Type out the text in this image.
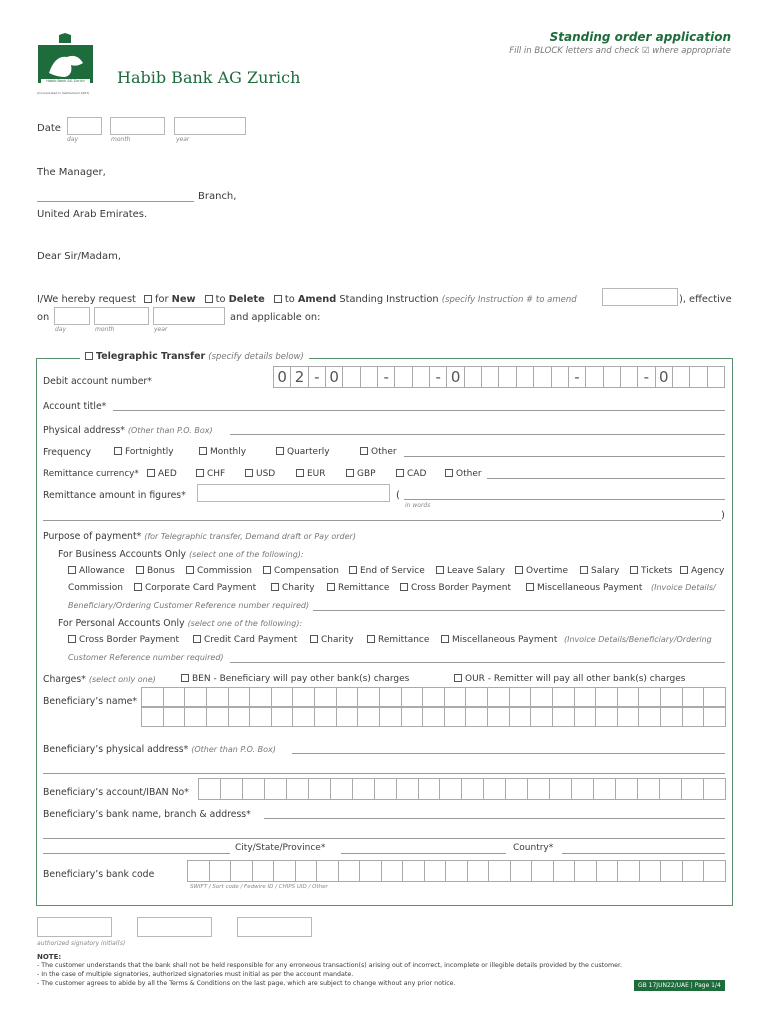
Habib Bank AG Zurich
(Incorporated in Switzerland 1967)
Habib Bank AG Zurich
Standing order application
Fill in BLOCK letters and check ☑ where appropriate
Date
day	month	year
The Manager,
Branch,
United Arab Emirates.
Dear Sir/Madam,
I/We hereby request for New to Delete to Amend Standing Instruction (specify Instruction # to amend	), effective
on	and applicable on:
day	month	year
Telegraphic Transfer (specify details below)
Debit account number*	0 2 - 0	-	- 0	-	- 0
Account title*
Physical address* (Other than P.O. Box)
Frequency	Fortnightly	Monthly	Quarterly	Other
Remittance currency*	AED	CHF	USD	EUR	GBP	CAD	Other
Remittance amount in figures*	(
in words
)
Purpose of payment* (for Telegraphic transfer, Demand draft or Pay order)
For Business Accounts Only (select one of the following):
Allowance	Bonus	Commission	Compensation	End of Service	Leave Salary	Overtime	Salary	Tickets	Agency
Commission	Corporate Card Payment	Charity	Remittance	Cross Border Payment	Miscellaneous Payment (Invoice Details/
Beneficiary/Ordering Customer Reference number required)
For Personal Accounts Only (select one of the following):
Cross Border Payment	Credit Card Payment	Charity	Remittance	Miscellaneous Payment (Invoice Details/Beneficiary/Ordering
Customer Reference number required)
Charges* (select only one)	BEN - Beneficiary will pay other bank(s) charges	OUR - Remitter will pay all other bank(s) charges
Beneficiary’s name*
Beneficiary’s physical address* (Other than P.O. Box)
Beneficiary’s account/IBAN No*
Beneficiary’s bank name, branch & address*
City/State/Province*	Country*
Beneficiary’s bank code
SWIFT / Sort code / Fedwire ID / CHIPS UID / Other
authorized signatory initial(s)
NOTE:
- The customer understands that the bank shall not be held responsible for any erroneous transaction(s) arising out of incorrect, incomplete or illegible details provided by the customer.
- In the case of multiple signatories, authorized signatories must initial as per the account mandate.
- The customer agrees to abide by all the Terms & Conditions on the last page, which are subject to change without any prior notice.	GB 17JUN22/UAE | Page 1/4
